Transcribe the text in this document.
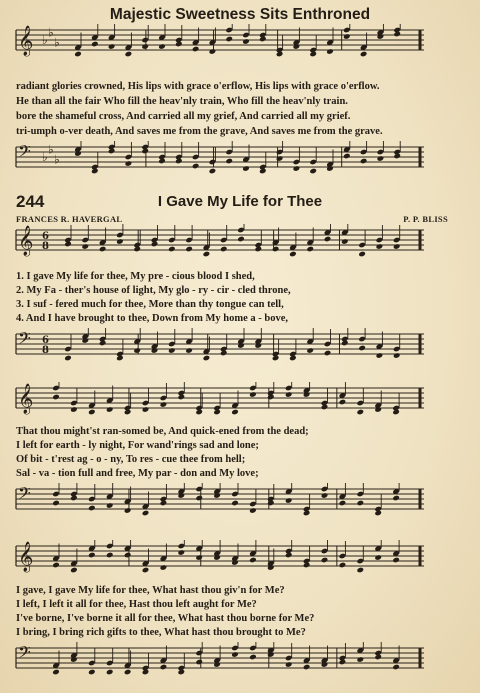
Majestic Sweetness Sits Enthroned
𝄞 ♭
♭
♭
radiant glories crowned, His lips with grace o'erflow, His lips with grace o'erflow.
He than all the fair Who fill the heav'nly train, Who fill the heav'nly train.
bore the shameful cross, And carried all my grief, And carried all my grief.
tri-umph o-ver death, And saves me from the grave, And saves me from the grave.
𝄢 ♭
♭
♭
244	I Gave My Life for Thee
FRANCES R. HAVERGAL	P. P. BLISS
𝄞 6
8
1. I gave My life for thee, My pre - cious blood I shed,
2. My Fa - ther's house of light, My glo - ry - cir - cled throne,
3. I suf - fered much for thee, More than thy tongue can tell,
4. And I have brought to thee, Down from My home a - bove,
𝄢 6
8
𝄞
That thou might'st ran-somed be, And quick-ened from the dead;
I left for earth - ly night, For wand'rings sad and lone;
Of bit - t'rest ag - o - ny, To res - cue thee from hell;
Sal - va - tion full and free, My par - don and My love;
𝄢
𝄞
I gave, I gave My life for thee, What hast thou giv'n for Me?
I left, I left it all for thee, Hast thou left aught for Me?
I've borne, I've borne it all for thee, What hast thou borne for Me?
I bring, I bring rich gifts to thee, What hast thou brought to Me?
𝄢
